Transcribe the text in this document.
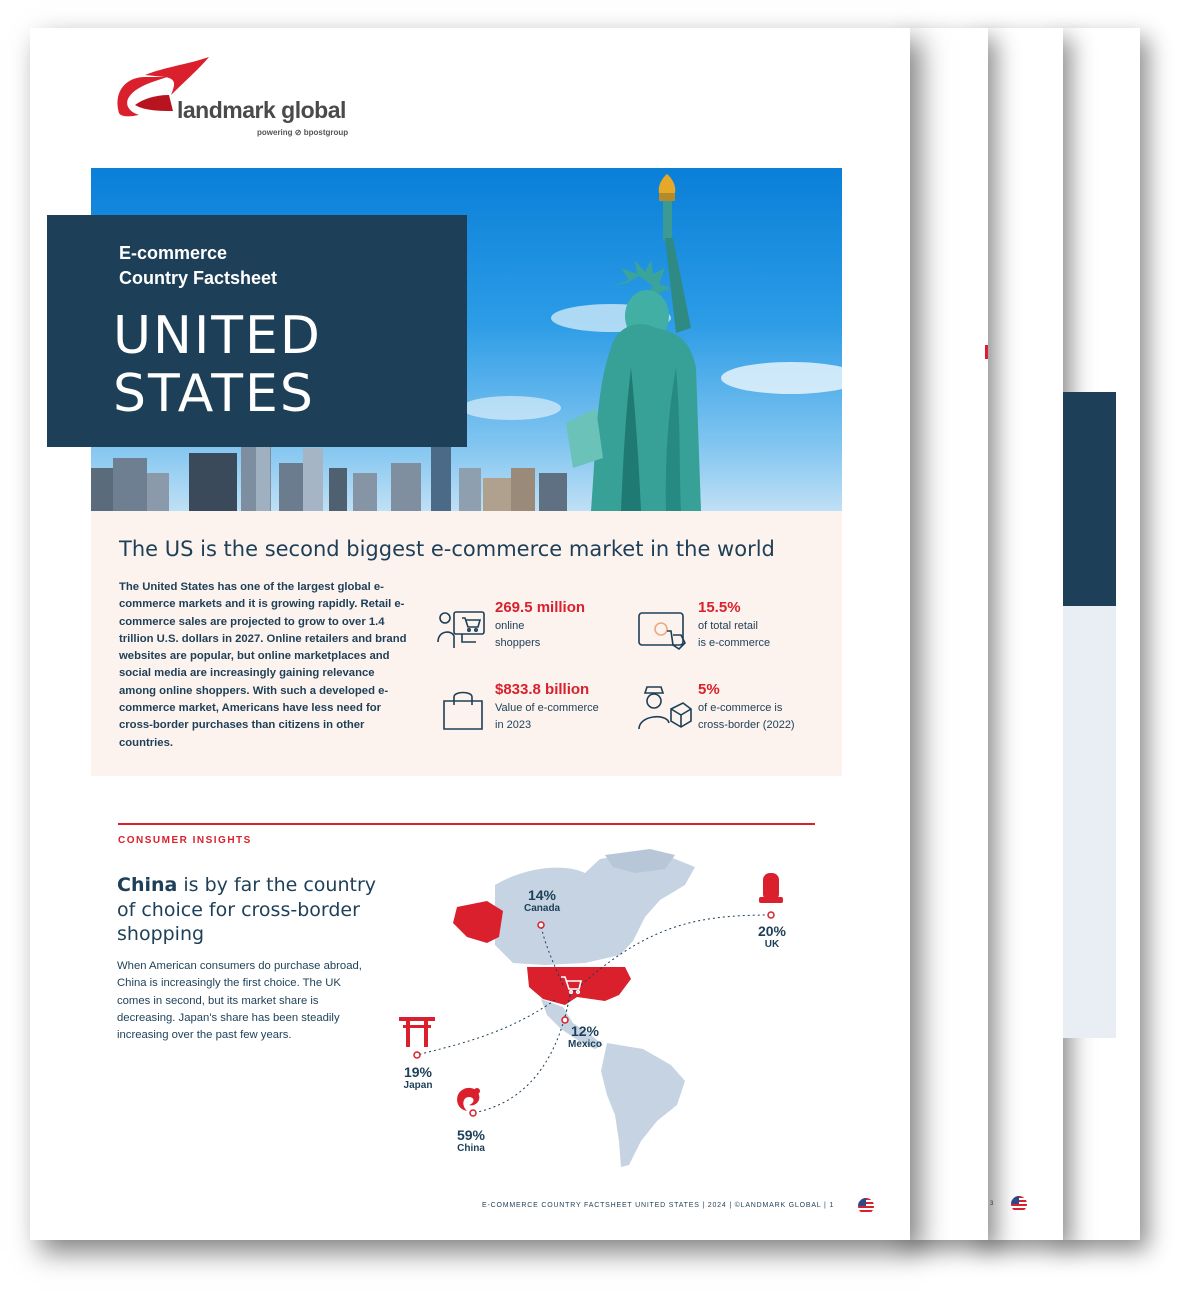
3
landmark global
powering ⊘ bpostgroup
E-commerce
Country Factsheet
UNITED
STATES
The US is the second biggest e-commerce market in the world
The United States has one of the largest global e-commerce markets and it is growing rapidly. Retail e-commerce sales are projected to grow to over 1.4 trillion U.S. dollars in 2027. Online retailers and brand websites are popular, but online marketplaces and social media are increasingly gaining relevance among online shoppers. With such a developed e-commerce market, Americans have less need for cross-border purchases than citizens in other countries.
269.5 million
online
shoppers
15.5%
of total retail
is e-commerce
$833.8 billion
Value of e-commerce
in 2023
5%
of e-commerce is
cross-border (2022)
CONSUMER INSIGHTS
China is by far the country of choice for cross-border shopping
When American consumers do purchase abroad, China is increasingly the first choice. The UK comes in second, but its market share is decreasing. Japan's share has been steadily increasing over the past few years.
14%
Canada
20%
UK
12%
Mexico
19%
Japan
59%
China
E-COMMERCE COUNTRY FACTSHEET UNITED STATES | 2024 | ©LANDMARK GLOBAL | 1
